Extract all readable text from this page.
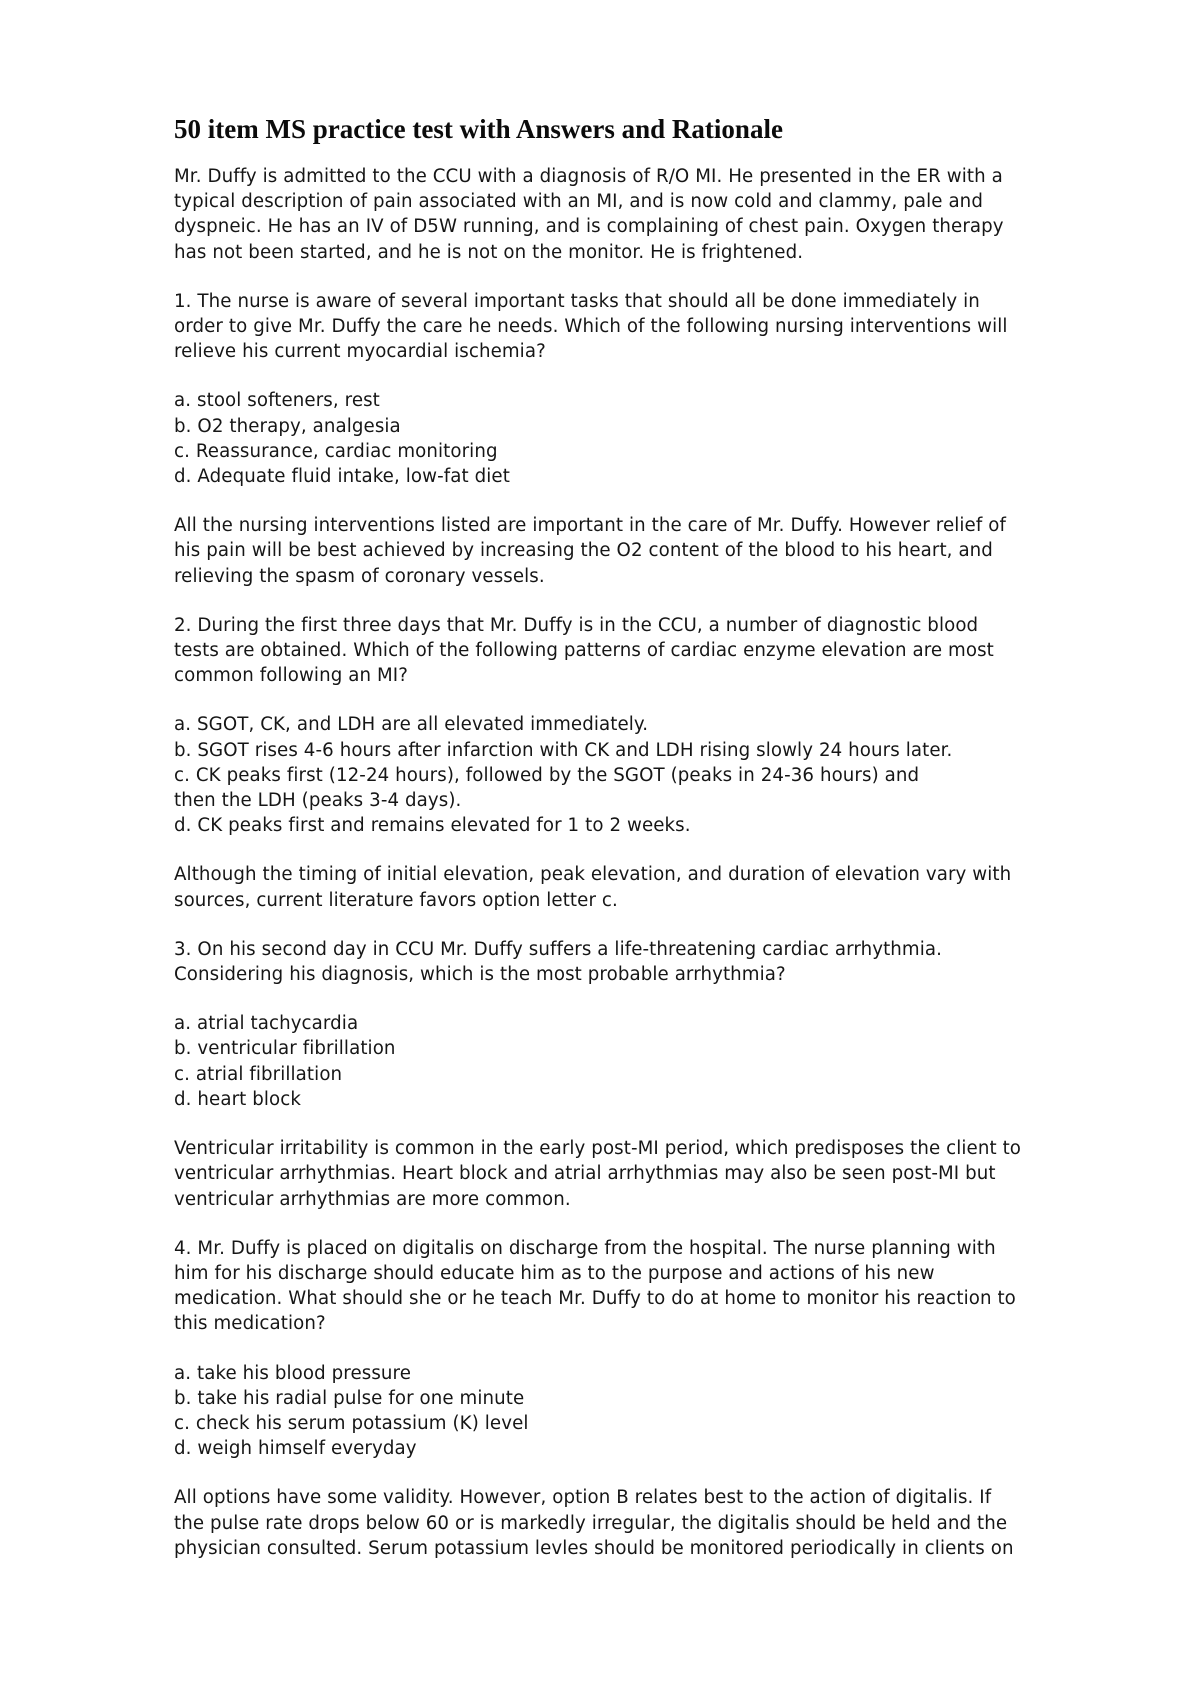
50 item MS practice test with Answers and Rationale
Mr. Duffy is admitted to the CCU with a diagnosis of R/O MI. He presented in the ER with a
typical description of pain associated with an MI, and is now cold and clammy, pale and
dyspneic. He has an IV of D5W running, and is complaining of chest pain. Oxygen therapy
has not been started, and he is not on the monitor. He is frightened.
1. The nurse is aware of several important tasks that should all be done immediately in
order to give Mr. Duffy the care he needs. Which of the following nursing interventions will
relieve his current myocardial ischemia?
a. stool softeners, rest
b. O2 therapy, analgesia
c. Reassurance, cardiac monitoring
d. Adequate fluid intake, low-fat diet
All the nursing interventions listed are important in the care of Mr. Duffy. However relief of
his pain will be best achieved by increasing the O2 content of the blood to his heart, and
relieving the spasm of coronary vessels.
2. During the first three days that Mr. Duffy is in the CCU, a number of diagnostic blood
tests are obtained. Which of the following patterns of cardiac enzyme elevation are most
common following an MI?
a. SGOT, CK, and LDH are all elevated immediately.
b. SGOT rises 4-6 hours after infarction with CK and LDH rising slowly 24 hours later.
c. CK peaks first (12-24 hours), followed by the SGOT (peaks in 24-36 hours) and
then the LDH (peaks 3-4 days).
d. CK peaks first and remains elevated for 1 to 2 weeks.
Although the timing of initial elevation, peak elevation, and duration of elevation vary with
sources, current literature favors option letter c.
3. On his second day in CCU Mr. Duffy suffers a life-threatening cardiac arrhythmia.
Considering his diagnosis, which is the most probable arrhythmia?
a. atrial tachycardia
b. ventricular fibrillation
c. atrial fibrillation
d. heart block
Ventricular irritability is common in the early post-MI period, which predisposes the client to
ventricular arrhythmias. Heart block and atrial arrhythmias may also be seen post-MI but
ventricular arrhythmias are more common.
4. Mr. Duffy is placed on digitalis on discharge from the hospital. The nurse planning with
him for his discharge should educate him as to the purpose and actions of his new
medication. What should she or he teach Mr. Duffy to do at home to monitor his reaction to
this medication?
a. take his blood pressure
b. take his radial pulse for one minute
c. check his serum potassium (K) level
d. weigh himself everyday
All options have some validity. However, option B relates best to the action of digitalis. If
the pulse rate drops below 60 or is markedly irregular, the digitalis should be held and the
physician consulted. Serum potassium levles should be monitored periodically in clients on
